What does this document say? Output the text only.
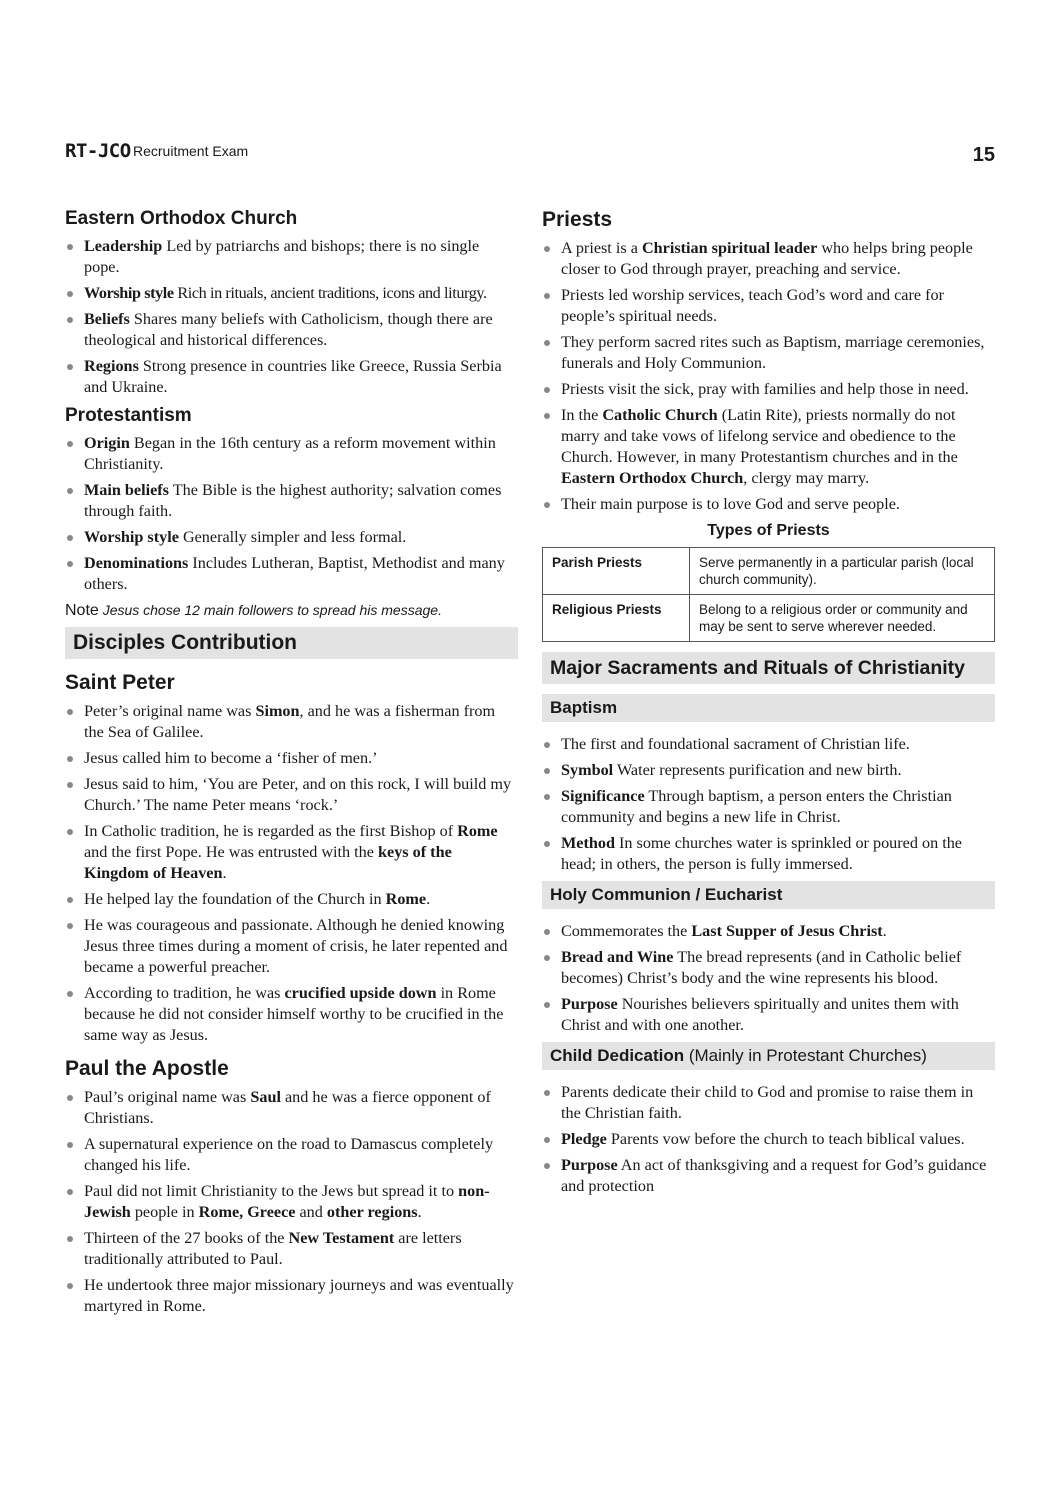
RT-JCO Recruitment Exam	15
Eastern Orthodox Church
Leadership Led by patriarchs and bishops; there is no single pope.
Worship style Rich in rituals, ancient traditions, icons and liturgy.
Beliefs Shares many beliefs with Catholicism, though there are theological and historical differences.
Regions Strong presence in countries like Greece, Russia Serbia and Ukraine.
Protestantism
Origin Began in the 16th century as a reform movement within Christianity.
Main beliefs The Bible is the highest authority; salvation comes through faith.
Worship style Generally simpler and less formal.
Denominations Includes Lutheran, Baptist, Methodist and many others.
Note Jesus chose 12 main followers to spread his message.
Disciples Contribution
Saint Peter
Peter’s original name was Simon, and he was a fisherman from the Sea of Galilee.
Jesus called him to become a ‘fisher of men.’
Jesus said to him, ‘You are Peter, and on this rock, I will build my Church.’ The name Peter means ‘rock.’
In Catholic tradition, he is regarded as the first Bishop of Rome and the first Pope. He was entrusted with the keys of the Kingdom of Heaven.
He helped lay the foundation of the Church in Rome.
He was courageous and passionate. Although he denied knowing Jesus three times during a moment of crisis, he later repented and became a powerful preacher.
According to tradition, he was crucified upside down in Rome because he did not consider himself worthy to be crucified in the same way as Jesus.
Paul the Apostle
Paul’s original name was Saul and he was a fierce opponent of Christians.
A supernatural experience on the road to Damascus completely changed his life.
Paul did not limit Christianity to the Jews but spread it to non-Jewish people in Rome, Greece and other regions.
Thirteen of the 27 books of the New Testament are letters traditionally attributed to Paul.
He undertook three major missionary journeys and was eventually martyred in Rome.
Priests
A priest is a Christian spiritual leader who helps bring people closer to God through prayer, preaching and service.
Priests led worship services, teach God’s word and care for people’s spiritual needs.
They perform sacred rites such as Baptism, marriage ceremonies, funerals and Holy Communion.
Priests visit the sick, pray with families and help those in need.
In the Catholic Church (Latin Rite), priests normally do not marry and take vows of lifelong service and obedience to the Church. However, in many Protestantism churches and in the Eastern Orthodox Church, clergy may marry.
Their main purpose is to love God and serve people.
Types of Priests
Parish Priests	Serve permanently in a particular parish (local church community).
Religious Priests	Belong to a religious order or community and may be sent to serve wherever needed.
Major Sacraments and Rituals of Christianity
Baptism
The first and foundational sacrament of Christian life.
Symbol Water represents purification and new birth.
Significance Through baptism, a person enters the Christian community and begins a new life in Christ.
Method In some churches water is sprinkled or poured on the head; in others, the person is fully immersed.
Holy Communion / Eucharist
Commemorates the Last Supper of Jesus Christ.
Bread and Wine The bread represents (and in Catholic belief becomes) Christ’s body and the wine represents his blood.
Purpose Nourishes believers spiritually and unites them with Christ and with one another.
Child Dedication (Mainly in Protestant Churches)
Parents dedicate their child to God and promise to raise them in the Christian faith.
Pledge Parents vow before the church to teach biblical values.
Purpose An act of thanksgiving and a request for God’s guidance and protection
